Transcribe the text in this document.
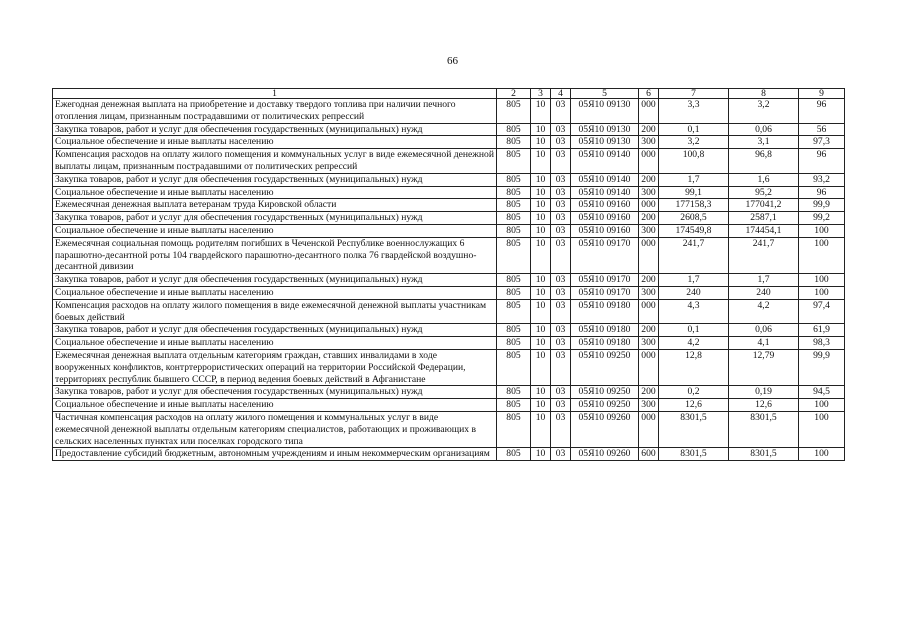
66
1	2	3	4	5	6	7	8	9
Ежегодная денежная выплата на приобретение и доставку твердого топлива при наличии печного отопления лицам, признанным пострадавшими от политических репрессий	805	10	03	05Я10 09130	000	3,3	3,2	96
Закупка товаров, работ и услуг для обеспечения государственных (муниципальных) нужд	805	10	03	05Я10 09130	200	0,1	0,06	56
Социальное обеспечение и иные выплаты населению	805	10	03	05Я10 09130	300	3,2	3,1	97,3
Компенсация расходов на оплату жилого помещения и коммунальных услуг в виде ежемесячной денежной выплаты лицам, признанным пострадавшими от политических репрессий	805	10	03	05Я10 09140	000	100,8	96,8	96
Закупка товаров, работ и услуг для обеспечения государственных (муниципальных) нужд	805	10	03	05Я10 09140	200	1,7	1,6	93,2
Социальное обеспечение и иные выплаты населению	805	10	03	05Я10 09140	300	99,1	95,2	96
Ежемесячная денежная выплата ветеранам труда Кировской области	805	10	03	05Я10 09160	000	177158,3	177041,2	99,9
Закупка товаров, работ и услуг для обеспечения государственных (муниципальных) нужд	805	10	03	05Я10 09160	200	2608,5	2587,1	99,2
Социальное обеспечение и иные выплаты населению	805	10	03	05Я10 09160	300	174549,8	174454,1	100
Ежемесячная социальная помощь родителям погибших в Чеченской Республике военнослужащих 6 парашютно-десантной роты 104 гвардейского парашютно-десантного полка 76 гвардейской воздушно-десантной дивизии	805	10	03	05Я10 09170	000	241,7	241,7	100
Закупка товаров, работ и услуг для обеспечения государственных (муниципальных) нужд	805	10	03	05Я10 09170	200	1,7	1,7	100
Социальное обеспечение и иные выплаты населению	805	10	03	05Я10 09170	300	240	240	100
Компенсация расходов на оплату жилого помещения в виде ежемесячной денежной выплаты участникам боевых действий	805	10	03	05Я10 09180	000	4,3	4,2	97,4
Закупка товаров, работ и услуг для обеспечения государственных (муниципальных) нужд	805	10	03	05Я10 09180	200	0,1	0,06	61,9
Социальное обеспечение и иные выплаты населению	805	10	03	05Я10 09180	300	4,2	4,1	98,3
Ежемесячная денежная выплата отдельным категориям граждан, ставших инвалидами в ходе вооруженных конфликтов, контртеррористических операций на территории Российской Федерации, территориях республик бывшего СССР, в период ведения боевых действий в Афганистане	805	10	03	05Я10 09250	000	12,8	12,79	99,9
Закупка товаров, работ и услуг для обеспечения государственных (муниципальных) нужд	805	10	03	05Я10 09250	200	0,2	0,19	94,5
Социальное обеспечение и иные выплаты населению	805	10	03	05Я10 09250	300	12,6	12,6	100
Частичная компенсация расходов на оплату жилого помещения и коммунальных услуг в виде ежемесячной денежной выплаты отдельным категориям специалистов, работающих и проживающих в сельских населенных пунктах или поселках городского типа	805	10	03	05Я10 09260	000	8301,5	8301,5	100
Предоставление субсидий бюджетным, автономным учреждениям и иным некоммерческим организациям	805	10	03	05Я10 09260	600	8301,5	8301,5	100
